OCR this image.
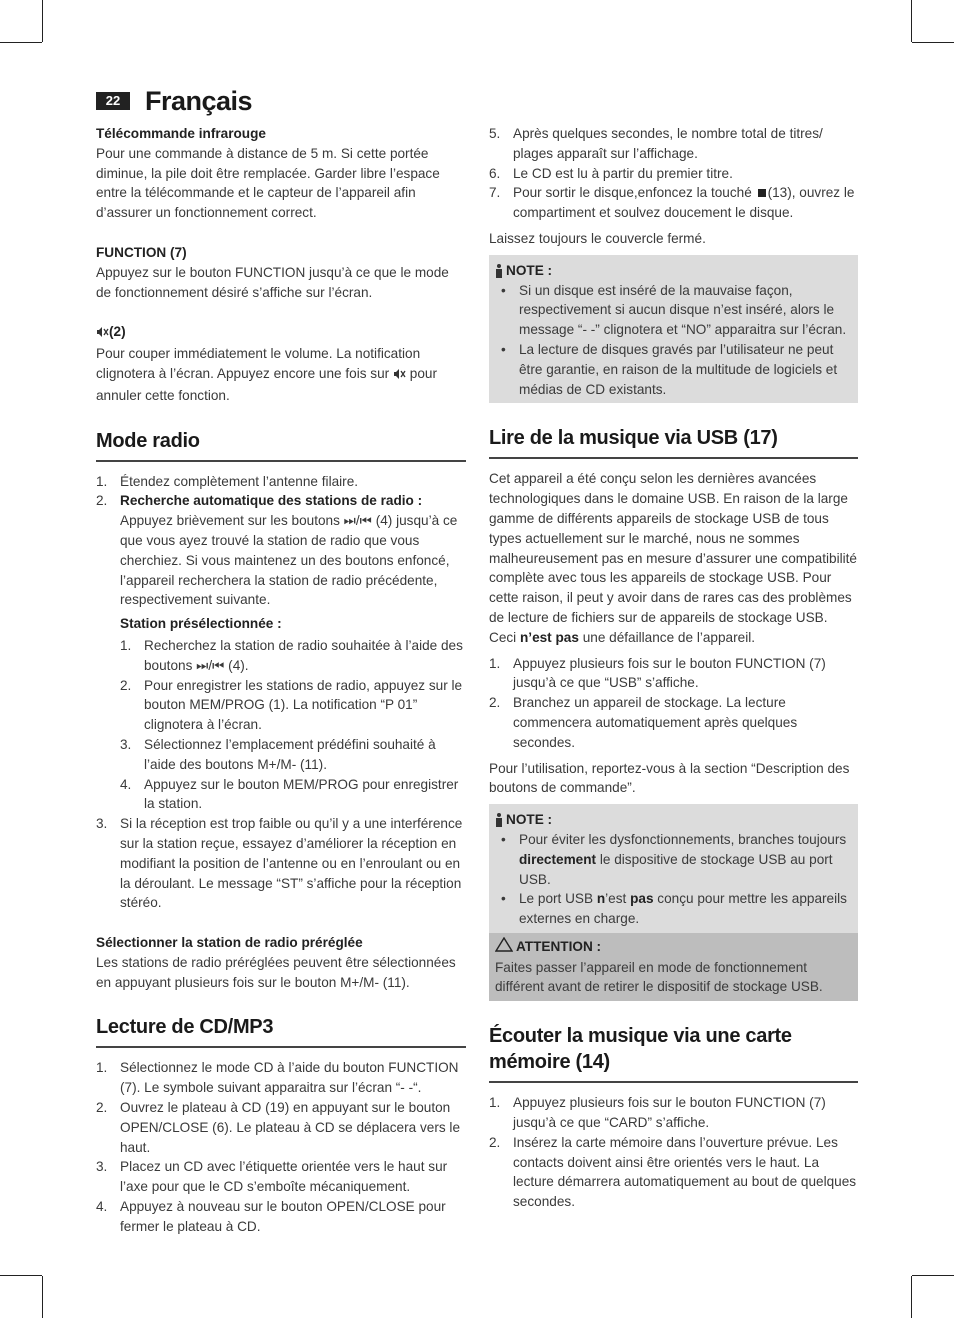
22 Français

Télécommande infrarouge

Pour une commande à distance de 5 m. Si cette portée diminue, la pile doit être remplacée. Garder libre l’espace entre la télécommande et le capteur de l’appareil afin d’assurer un fonctionnement correct.

FUNCTION (7)

Appuyez sur le bouton FUNCTION jusqu’à ce que le mode de fonctionnement désiré s’affiche sur l’écran.

(2)

Pour couper immédiatement le volume. La notification clignotera à l’écran. Appuyez encore une fois sur  pour annuler cette fonction.

Mode radio
1. Étendez complètement l’antenne filaire.
2. Recherche automatique des stations de radio :
Appuyez brièvement sur les boutons ⏭/⏮ (4) jusqu’à ce que vous ayez trouvé la station de radio que vous cherchiez. Si vous maintenez un des boutons enfoncé, l’appareil recherchera la station de radio précédente, respectivement suivante.
Station présélectionnée :
1. Recherchez la station de radio souhaitée à l’aide des boutons ⏭/⏮ (4).
2. Pour enregistrer les stations de radio, appuyez sur le bouton MEM/PROG (1). La notification “P 01” clignotera à l’écran.
3. Sélectionnez l’emplacement prédéfini souhaité à l’aide des boutons M+/M- (11).
4. Appuyez sur le bouton MEM/PROG pour enregistrer la station.
3. Si la réception est trop faible ou qu’il y a une interférence sur la station reçue, essayez d’améliorer la réception en modifiant la position de l’antenne ou en l’enroulant ou en la déroulant. Le message “ST” s’affiche pour la réception stéréo.

Sélectionner la station de radio préréglée

Les stations de radio préréglées peuvent être sélectionnées en appuyant plusieurs fois sur le bouton M+/M- (11).

Lecture de CD/MP3
1. Sélectionnez le mode CD à l’aide du bouton FUNCTION (7). Le symbole suivant apparaitra sur l’écran “- -“.
2. Ouvrez le plateau à CD (19) en appuyant sur le bouton OPEN/CLOSE (6). Le plateau à CD se déplacera vers le haut.
3. Placez un CD avec l’étiquette orientée vers le haut sur l’axe pour que le CD s’emboîte mécaniquement.
4. Appuyez à nouveau sur le bouton OPEN/CLOSE pour fermer le plateau à CD.
5. Après quelques secondes, le nombre total de titres/ plages apparaît sur l’affichage.
6. Le CD est lu à partir du premier titre.
7. Pour sortir le disque,enfoncez la touché (13), ouvrez le compartiment et soulvez doucement le disque.

Laissez toujours le couvercle fermé.

NOTE :
• Si un disque est inséré de la mauvaise façon, respectivement si aucun disque n’est inséré, alors le message “- -” clignotera et “NO” apparaitra sur l’écran.
• La lecture de disques gravés par l’utilisateur ne peut être garantie, en raison de la multitude de logiciels et médias de CD existants.
Lire de la musique via USB (17)

Cet appareil a été conçu selon les dernières avancées technologiques dans le domaine USB. En raison de la large gamme de différents appareils de stockage USB de tous types actuellement sur le marché, nous ne sommes malheureusement pas en mesure d’assurer une compatibilité complète avec tous les appareils de stockage USB. Pour cette raison, il peut y avoir dans de rares cas des problèmes de lecture de fichiers sur de appareils de stockage USB. Ceci n’est pas une défaillance de l’appareil.

1. Appuyez plusieurs fois sur le bouton FUNCTION (7) jusqu’à ce que “USB” s’affiche.
2. Branchez un appareil de stockage. La lecture commencera automatiquement après quelques secondes.

Pour l’utilisation, reportez-vous à la section “Description des boutons de commande”.

NOTE :
• Pour éviter les dysfonctionnements, branches toujours directement le dispositive de stockage USB au port USB.
• Le port USB n’est pas conçu pour mettre les appareils externes en charge.
ATTENTION :

Faites passer l’appareil en mode de fonctionnement différent avant de retirer le dispositif de stockage USB.

Écouter la musique via une carte mémoire (14)
1. Appuyez plusieurs fois sur le bouton FUNCTION (7) jusqu’à ce que “CARD” s’affiche.
2. Insérez la carte mémoire dans l’ouverture prévue. Les contacts doivent ainsi être orientés vers le haut. La lecture démarrera automatiquement au bout de quelques secondes.
